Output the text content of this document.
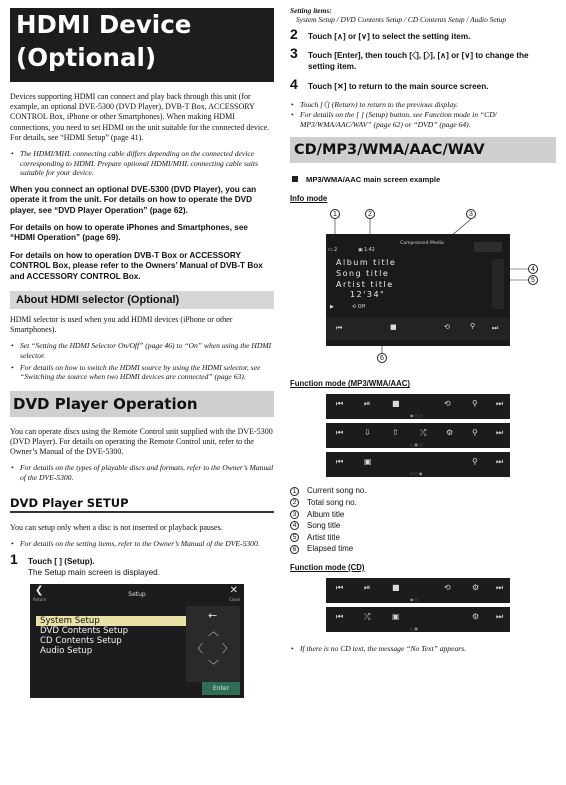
HDMI Device
(Optional)
Devices supporting HDMI can connect and play back through this unit (for example, an optional DVE-5300 (DVD Player), DVB-T Box, ACCESSORY CONTROL Box, iPhone or other Smartphones). When making HDMI connections, you need to set HDMI on the unit suitable for the connected device. For details, see “HDMI Setup” (page 41).
• The HDMI/MHL connecting cable differs depending on the connected device corresponding to HDMI. Prepare optional HDMI/MHL connecting cable suits suitable for your device.
When you connect an optional DVE-5300 (DVD Player), you can operate it from the unit. For details on how to operate the DVD player, see “DVD Player Operation” (page 62).
For details on how to operate iPhones and Smartphones, see “HDMI Operation” (page 69).
For details on how to operation DVB-T Box or ACCESSORY CONTROL Box, please refer to the Owners’ Manual of DVB-T Box and ACCESSORY CONTROL Box.
About HDMI selector (Optional)
HDMI selector is used when you add HDMI devices (iPhone or other Smartphones).
• Set “Setting the HDMI Selector On/Off” (page 46) to “On” when using the HDMI selector.
• For details on how to switch the HDMI source by using the HDMI selector, see “Switching the source when two HDMI devices are connected” (page 63).
DVD Player Operation
You can operate discs using the Remote Control unit supplied with the DVE-5300 (DVD Player). For details on operating the Remote Control unit, refer to the Owner’s Manual of the DVE-5300.
• For details on the types of playable discs and formats, refer to the Owner’s Manual of the DVE-5300.
DVD Player SETUP
You can setup only when a disc is not inserted or playback pauses.
• For details on the setting items, refer to the Owner’s Manual of the DVE-5300.
1 Touch [ ] (Setup).
The Setup main screen is displayed.
Setup
❮
Return
✕
Close
System Setup
DVD Contents Setup
CD Contents Setup
Audio Setup
←
︿
〈 〉
﹀
Enter
Setting items:
System Setup / DVD Contents Setup / CD Contents Setup / Audio Setup
2 Touch [∧] or [∨] to select the setting item.
3 Touch [Enter], then touch [〈], [〉], [∧] or [∨] to change the setting item.
4 Touch [✕] to return to the main source screen.
• Touch [《] (Return) to return to the previous display.
• For details on the [ ] (Setup) button, see Function mode in “CD/ MP3/WMA/AAC/WAV” (page 62) or “DVD” (page 64).
CD/MP3/WMA/AAC/WAV
MP3/WMA/AAC main screen example
Info mode
1	2	3
4
5
6
Compressed Media
▭ 2	▣ 1:42
Album title
Song title
Artist title
12'34"
▶	⟲ Off
⏮	■	⟲	⚲ ⏭
Function mode (MP3/WMA/AAC)
⏮	⏯	■	⟲	⚲ ⏭
●○○
⏮	⇩	⇧	⤮ ⚙ ⚲ ⏭
○●○
⏮	▣	⚲ ⏭
○○●
1	Current song no.
2	Total song no.
3	Album title
4	Song title
5	Artist title
6	Elapsed time
Function mode (CD)
⏮	⏯	■	⟲	⚙ ⏭
●○
⏮	⤮	▣	⚙ ⏭
○●
• If there is no CD text, the message “No Text” appears.
